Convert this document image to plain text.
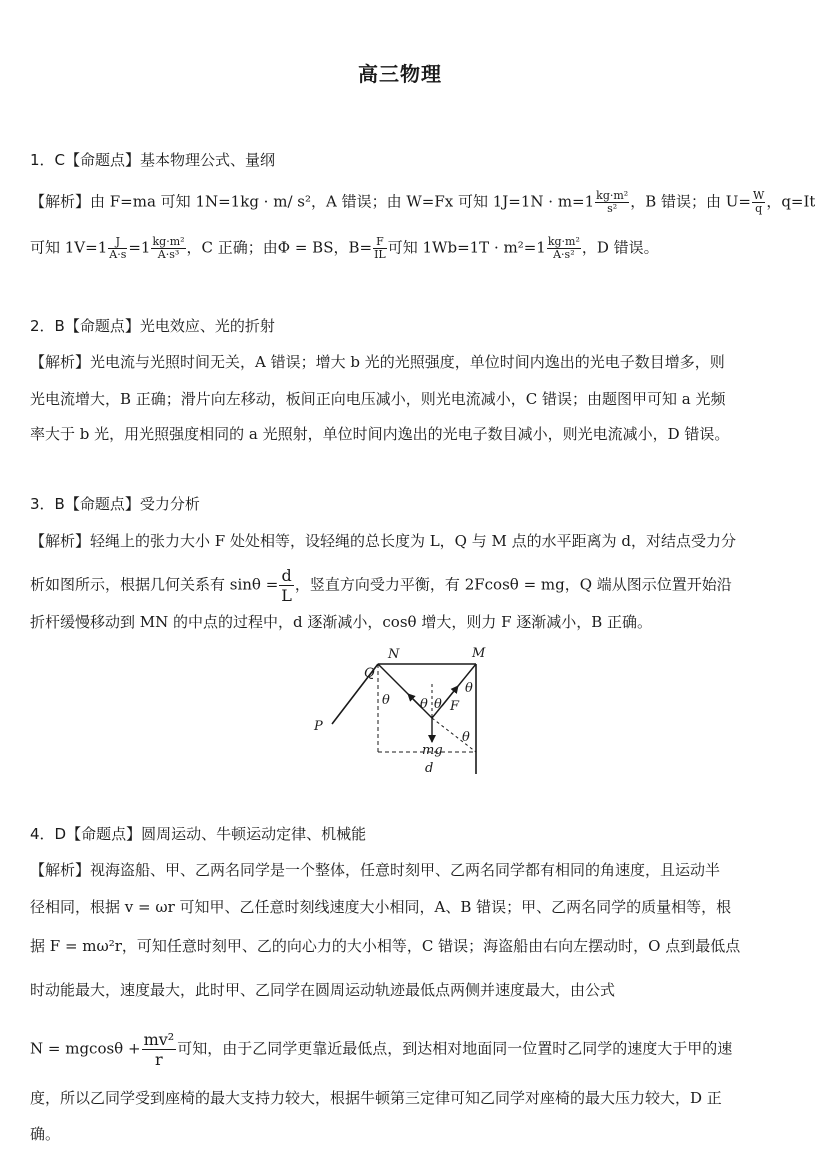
高三物理
1．C【命题点】基本物理公式、量纲
【解析】由 F=ma 可知 1N=1kg · m/ s²，A 错误；由 W=Fx 可知 $1J=1N \cdot m=1 \frac{\text{kg·m²}}{\text{s²}}$ ，B 错误；由 $U= \frac{W}{q}$ ，q=It
可知 $1V=1 \frac{J}{A\cdot s} =1 \frac{\text{kg·m²}}{\text{A·s³}}$ ，C 正确；由Φ = BS，$B= \frac{F}{IL}$ 可知 $1Wb=1T \cdot m^2=1 \frac{\text{kg·m²}}{\text{A·s²}}$ ，D 错误。
2．B【命题点】光电效应、光的折射
【解析】光电流与光照时间无关，A 错误；增大 b 光的光照强度，单位时间内逸出的光电子数目增多，则
光电流增大，B 正确；滑片向左移动，板间正向电压减小，则光电流减小，C 错误；由题图甲可知 a 光频
率大于 b 光，用光照强度相同的 a 光照射，单位时间内逸出的光电子数目减小，则光电流减小，D 错误。
3．B【命题点】受力分析
【解析】轻绳上的张力大小 F 处处相等，设轻绳的总长度为 L，Q 与 M 点的水平距离为 d，对结点受力分
析如图所示，根据几何关系有 $\sin\theta = \frac{d}{L}$ ，竖直方向受力平衡，有 2Fcosθ = mg，Q 端从图示位置开始沿
折杆缓慢移动到 MN 的中点的过程中，d 逐渐减小，cosθ 增大，则力 F 逐渐减小，B 正确。
N	M
Q
P
F
mg
d
θ θ θ
θ
θ
4．D【命题点】圆周运动、牛顿运动定律、机械能
【解析】视海盗船、甲、乙两名同学是一个整体，任意时刻甲、乙两名同学都有相同的角速度，且运动半
径相同，根据 v = ωr 可知甲、乙任意时刻线速度大小相同，A、B 错误；甲、乙两名同学的质量相等，根
据 F = mω²r，可知任意时刻甲、乙的向心力的大小相等，C 错误；海盗船由右向左摆动时，O 点到最低点
时动能最大，速度最大，此时甲、乙同学在圆周运动轨迹最低点两侧并速度最大，由公式
$N = mgcos\theta + \frac{\text{mv²}}{r}$ 可知，由于乙同学更靠近最低点，到达相对地面同一位置时乙同学的速度大于甲的速
度，所以乙同学受到座椅的最大支持力较大，根据牛顿第三定律可知乙同学对座椅的最大压力较大，D 正
确。
